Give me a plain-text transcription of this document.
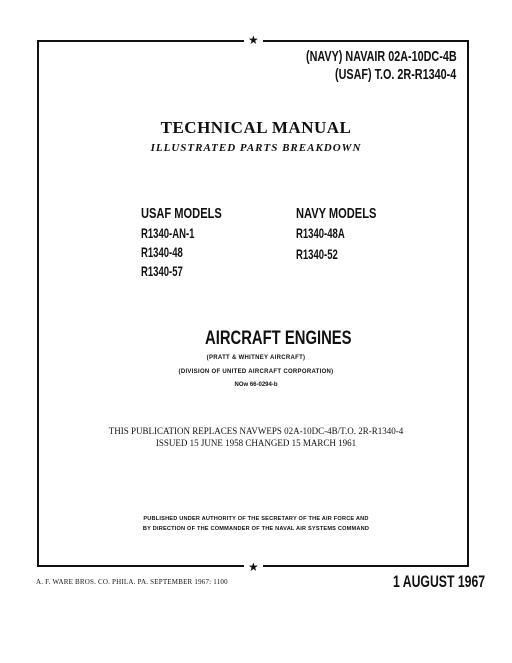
★
★
(NAVY) NAVAIR 02A-10DC-4B
(USAF) T.O. 2R-R1340-4
TECHNICAL MANUAL
ILLUSTRATED PARTS BREAKDOWN
USAF MODELS
R1340-AN-1
R1340-48
R1340-57
NAVY MODELS
R1340-48A
R1340-52
AIRCRAFT ENGINES
(PRATT & WHITNEY AIRCRAFT)
(DIVISION OF UNITED AIRCRAFT CORPORATION)
NOw 66-0294-b
THIS PUBLICATION REPLACES NAVWEPS 02A-10DC-4B/T.O. 2R-R1340-4
ISSUED 15 JUNE 1958 CHANGED 15 MARCH 1961
PUBLISHED UNDER AUTHORITY OF THE SECRETARY OF THE AIR FORCE AND
BY DIRECTION OF THE COMMANDER OF THE NAVAL AIR SYSTEMS COMMAND
A. F. WARE BROS. CO. PHILA. PA. SEPTEMBER 1967: 1100	1 AUGUST 1967
